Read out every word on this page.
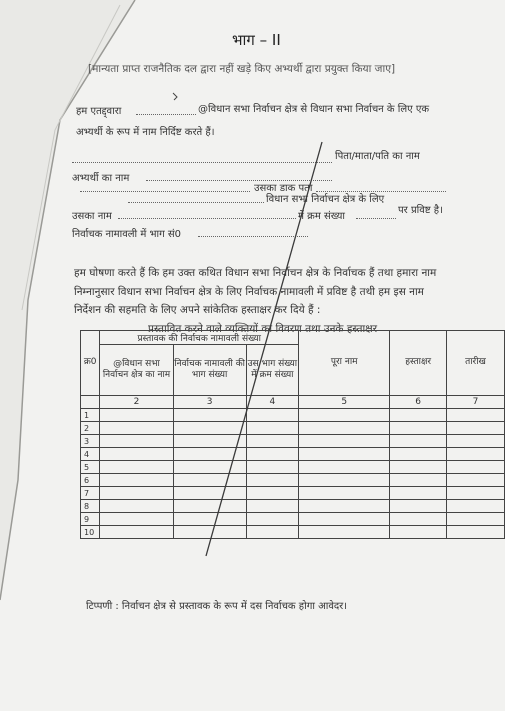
भाग – II
[मान्यता प्राप्त राजनैतिक दल द्वारा नहीं खड़े किए अभ्यर्थी द्वारा प्रयुक्त किया जाए]
हम एतद्द्वारा	@विधान सभा निर्वाचन क्षेत्र से विधान सभा निर्वाचन के लिए एक
अभ्यर्थी के रूप में नाम निर्दिष्ट करते हैं।
अभ्यर्थी का नाम
पिता/माता/पति का नाम
उसका डाक पता
विधान सभा निर्वाचन क्षेत्र के लिए
उसका नाम	में क्रम संख्या
पर प्रविष्ट है।
निर्वाचक नामावली में भाग सं0
हम घोषणा करते हैं कि हम उक्त कथित विधान सभा निर्वाचन क्षेत्र के निर्वाचक हैं तथा हमारा नाम
निम्नानुसार विधान सभा निर्वाचन क्षेत्र के लिए निर्वाचक नामावली में प्रविष्ट है तथी हम इस नाम
निर्देशन की सहमति के लिए अपने सांकेतिक हस्ताक्षर कर दिये हैं :
प्रस्तावित करने वाले व्यक्तियों का विवरण तथा उनके हस्ताक्षर
क्र0	प्रस्तावक की निर्वाचक नामावली संख्या			पूरा नाम	हस्ताक्षर	तारीख
	@विधान सभा निर्वाचन क्षेत्र का नाम	निर्वाचक नामावली की भाग संख्या	उस भाग संख्या में क्रम संख्या			
	2	3	4	5	6	7
1						
2						
3						
4						
5						
6						
7						
8						
9						
10						
टिप्पणी : निर्वाचन क्षेत्र से प्रस्तावक के रूप में दस निर्वाचक होगा आवेदर।
